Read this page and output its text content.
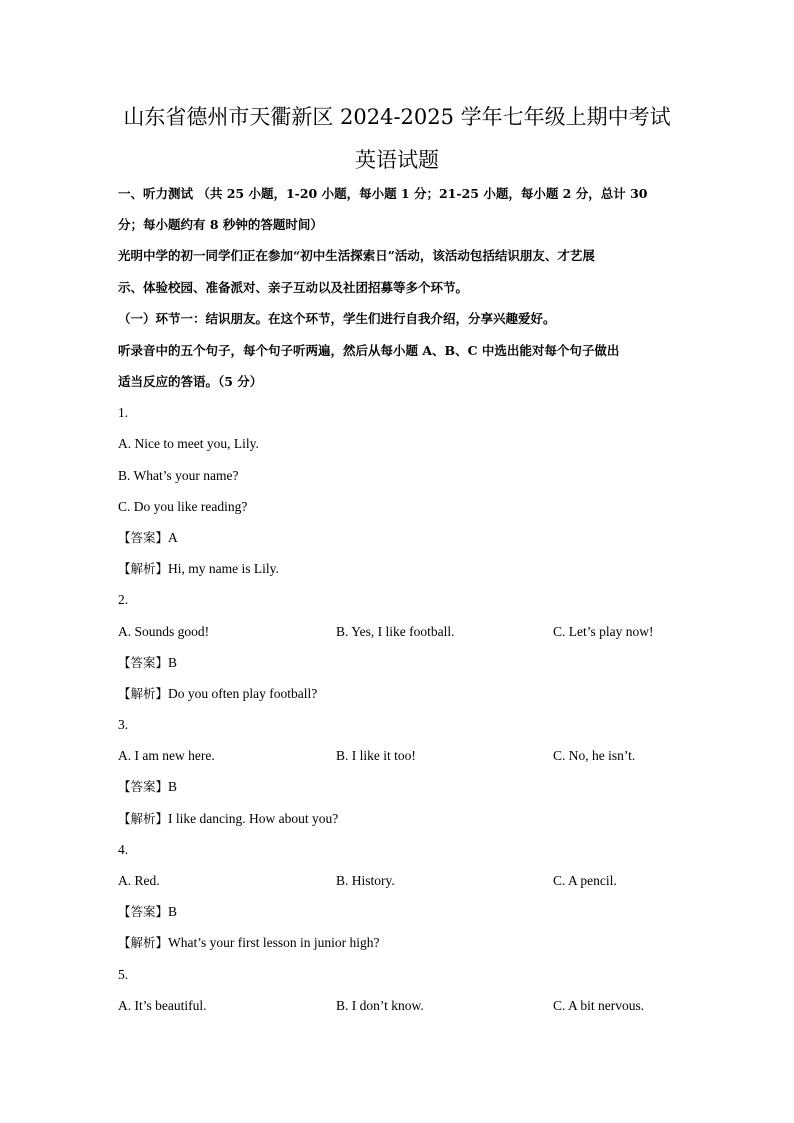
山东省德州市天衢新区 2024-2025 学年七年级上期中考试
英语试题
一、听力测试 （共 25 小题，1-20 小题，每小题 1 分；21-25 小题，每小题 2 分，总计 30
分；每小题约有 8 秒钟的答题时间）
光明中学的初一同学们正在参加“初中生活探索日”活动，该活动包括结识朋友、才艺展
示、体验校园、准备派对、亲子互动以及社团招募等多个环节。
（一）环节一：结识朋友。在这个环节，学生们进行自我介绍，分享兴趣爱好。
听录音中的五个句子，每个句子听两遍，然后从每小题 A、B、C 中选出能对每个句子做出
适当反应的答语。（5 分）
1.
A. Nice to meet you, Lily.
B. What’s your name?
C. Do you like reading?
【答案】A
【解析】Hi, my name is Lily.
2.
A. Sounds good!	B. Yes, I like football.	C. Let’s play now!
【答案】B
【解析】Do you often play football?
3.
A. I am new here.	B. I like it too!	C. No, he isn’t.
【答案】B
【解析】I like dancing. How about you?
4.
A. Red.	B. History.	C. A pencil.
【答案】B
【解析】What’s your first lesson in junior high?
5.
A. It’s beautiful.	B. I don’t know.	C. A bit nervous.
